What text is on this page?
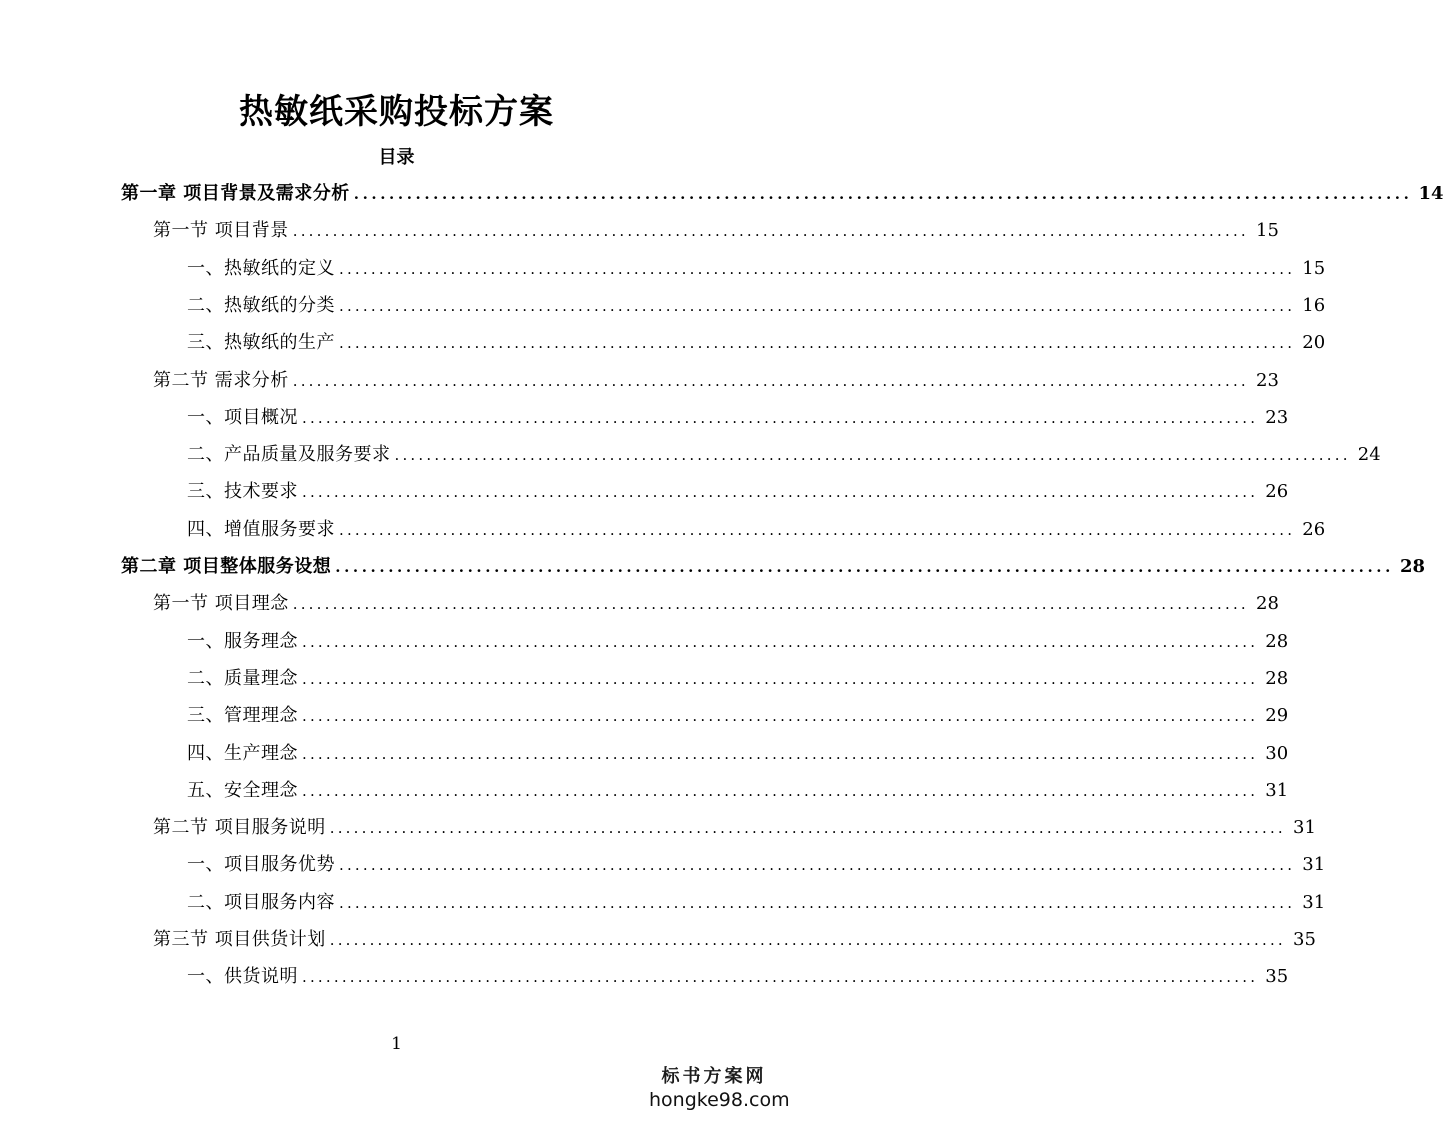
热敏纸采购投标方案
目录
第一章 项目背景及需求分析 ........................................................................................................................ 14
第一节 项目背景 ........................................................................................................................ 15
一、热敏纸的定义 ........................................................................................................................ 15
二、热敏纸的分类 ........................................................................................................................ 16
三、热敏纸的生产 ........................................................................................................................ 20
第二节 需求分析 ........................................................................................................................ 23
一、项目概况 ........................................................................................................................ 23
二、产品质量及服务要求 ........................................................................................................................ 24
三、技术要求 ........................................................................................................................ 26
四、增值服务要求 ........................................................................................................................ 26
第二章 项目整体服务设想 ........................................................................................................................ 28
第一节 项目理念 ........................................................................................................................ 28
一、服务理念 ........................................................................................................................ 28
二、质量理念 ........................................................................................................................ 28
三、管理理念 ........................................................................................................................ 29
四、生产理念 ........................................................................................................................ 30
五、安全理念 ........................................................................................................................ 31
第二节 项目服务说明 ........................................................................................................................ 31
一、项目服务优势 ........................................................................................................................ 31
二、项目服务内容 ........................................................................................................................ 31
第三节 项目供货计划 ........................................................................................................................ 35
一、供货说明 ........................................................................................................................ 35
1
标书方案网
hongke98.com
